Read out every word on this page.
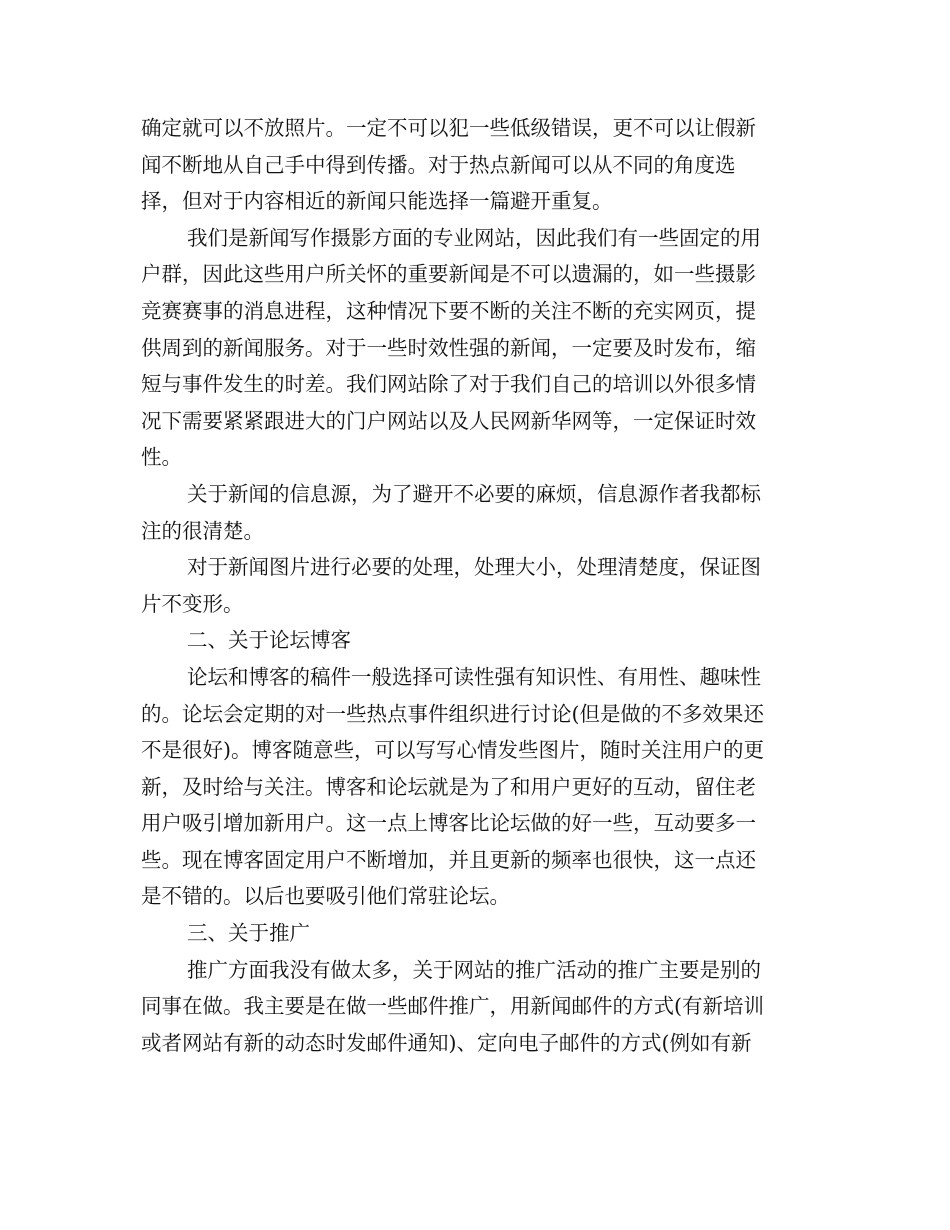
确定就可以不放照片。一定不可以犯一些低级错误，更不可以让假新
闻不断地从自己手中得到传播。对于热点新闻可以从不同的角度选
择，但对于内容相近的新闻只能选择一篇避开重复。
我们是新闻写作摄影方面的专业网站，因此我们有一些固定的用
户群，因此这些用户所关怀的重要新闻是不可以遗漏的，如一些摄影
竞赛赛事的消息进程，这种情况下要不断的关注不断的充实网页，提
供周到的新闻服务。对于一些时效性强的新闻，一定要及时发布，缩
短与事件发生的时差。我们网站除了对于我们自己的培训以外很多情
况下需要紧紧跟进大的门户网站以及人民网新华网等，一定保证时效
性。
关于新闻的信息源，为了避开不必要的麻烦，信息源作者我都标
注的很清楚。
对于新闻图片进行必要的处理，处理大小，处理清楚度，保证图
片不变形。
二、关于论坛博客
论坛和博客的稿件一般选择可读性强有知识性、有用性、趣味性
的。论坛会定期的对一些热点事件组织进行讨论(但是做的不多效果还
不是很好)。博客随意些，可以写写心情发些图片，随时关注用户的更
新，及时给与关注。博客和论坛就是为了和用户更好的互动，留住老
用户吸引增加新用户。这一点上博客比论坛做的好一些，互动要多一
些。现在博客固定用户不断增加，并且更新的频率也很快，这一点还
是不错的。以后也要吸引他们常驻论坛。
三、关于推广
推广方面我没有做太多，关于网站的推广活动的推广主要是别的
同事在做。我主要是在做一些邮件推广，用新闻邮件的方式(有新培训
或者网站有新的动态时发邮件通知)、定向电子邮件的方式(例如有新
